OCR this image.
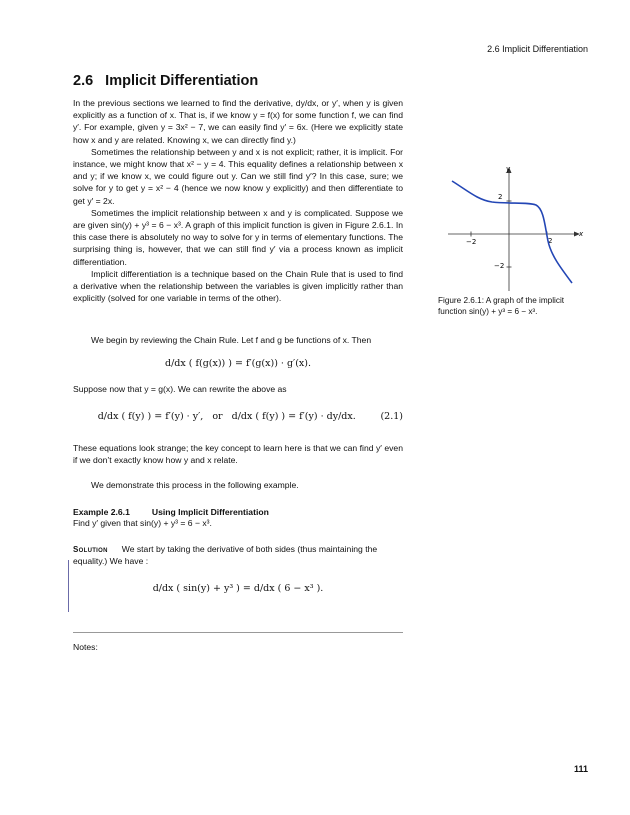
2.6 Implicit Differentiation
2.6 Implicit Differentiation

In the previous sections we learned to find the derivative, dy/dx, or y′, when y is given explicitly as a function of x. That is, if we know y = f(x) for some function f, we can find y′. For example, given y = 3x² − 7, we can easily find y′ = 6x. (Here we explicitly state how x and y are related. Knowing x, we can directly find y.)

Sometimes the relationship between y and x is not explicit; rather, it is implicit. For instance, we might know that x² − y = 4. This equality defines a relationship between x and y; if we know x, we could figure out y. Can we still find y′? In this case, sure; we solve for y to get y = x² − 4 (hence we now know y explicitly) and then differentiate to get y′ = 2x.

Sometimes the implicit relationship between x and y is complicated. Suppose we are given sin(y) + y³ = 6 − x³. A graph of this implicit function is given in Figure 2.6.1. In this case there is absolutely no way to solve for y in terms of elementary functions. The surprising thing is, however, that we can still find y′ via a process known as implicit differentiation.

Implicit differentiation is a technique based on the Chain Rule that is used to find a derivative when the relationship between the variables is given implicitly rather than explicitly (solved for one variable in terms of the other).

We begin by reviewing the Chain Rule. Let f and g be functions of x. Then
d/dx ( f(g(x)) ) = f′(g(x)) · g′(x).
Suppose now that y = g(x). We can rewrite the above as
d/dx ( f(y) ) = f′(y) · y′, or d/dx ( f(y) ) = f′(y) · dy/dx.	(2.1)
These equations look strange; the key concept to learn here is that we can find y′ even if we don’t exactly know how y and x relate.
We demonstrate this process in the following example.
Example 2.6.1	Using Implicit Differentiation
Find y′ given that sin(y) + y³ = 6 − x³.
Solution We start by taking the derivative of both sides (thus maintaining the equality.) We have :
d/dx ( sin(y) + y³ ) = d/dx ( 6 − x³ ).
Notes:
−2	2
2
−2
x
y
Figure 2.6.1: A graph of the implicit function sin(y) + y³ = 6 − x³.
111
